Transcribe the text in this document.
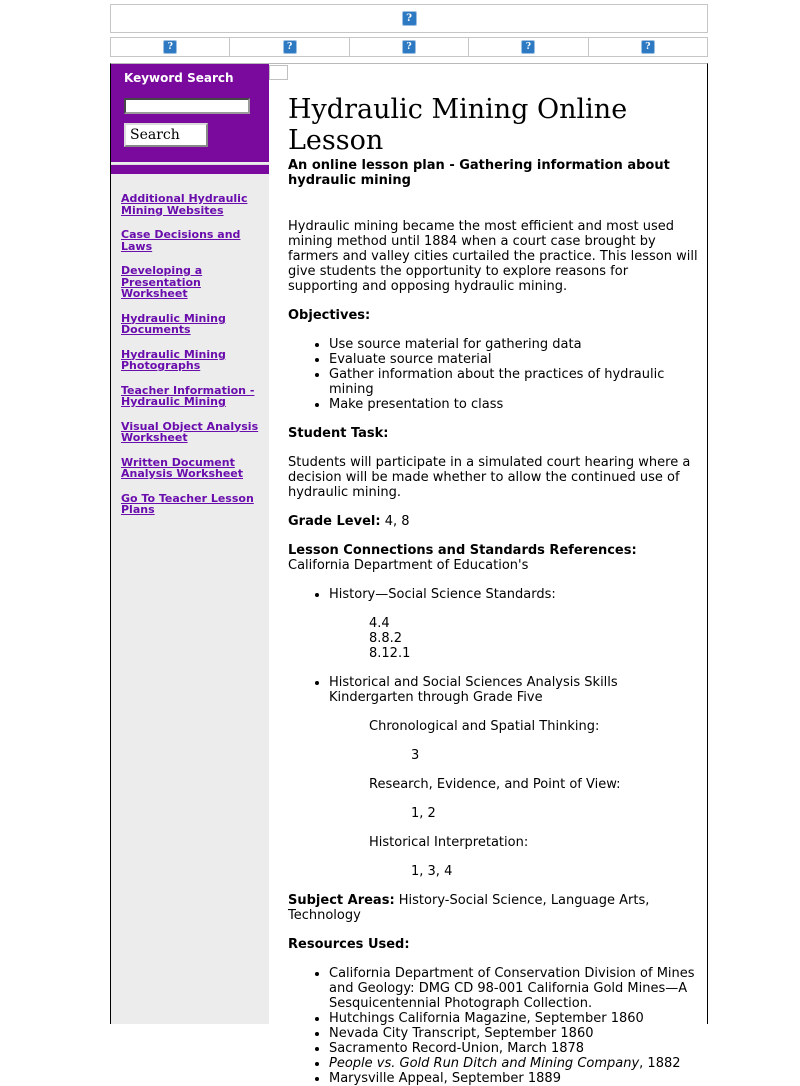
?
?	?	?	?	?
Keyword Search
Search
Additional Hydraulic Mining Websites
Case Decisions and Laws
Developing a Presentation Worksheet
Hydraulic Mining Documents
Hydraulic Mining Photographs
Teacher Information - Hydraulic Mining
Visual Object Analysis Worksheet
Written Document Analysis Worksheet
Go To Teacher Lesson Plans
Hydraulic Mining Online Lesson
An online lesson plan - Gathering information about hydraulic mining

Hydraulic mining became the most efficient and most used mining method until 1884 when a court case brought by farmers and valley cities curtailed the practice. This lesson will give students the opportunity to explore reasons for supporting and opposing hydraulic mining.

Objectives:

• Use source material for gathering data
• Evaluate source material
• Gather information about the practices of hydraulic mining
• Make presentation to class

Student Task:

Students will participate in a simulated court hearing where a decision will be made whether to allow the continued use of hydraulic mining.

Grade Level: 4, 8

Lesson Connections and Standards References:
California Department of Education's

• History—Social Science Standards:
4.4
8.8.2
8.12.1
• Historical and Social Sciences Analysis Skills Kindergarten through Grade Five
Chronological and Spatial Thinking:
3
Research, Evidence, and Point of View:
1, 2
Historical Interpretation:
1, 3, 4

Subject Areas: History-Social Science, Language Arts, Technology

Resources Used:

• California Department of Conservation Division of Mines and Geology: DMG CD 98-001 California Gold Mines—A Sesquicentennial Photograph Collection.
• Hutchings California Magazine, September 1860
• Nevada City Transcript, September 1860
• Sacramento Record-Union, March 1878
• People vs. Gold Run Ditch and Mining Company, 1882
• Marysville Appeal, September 1889
